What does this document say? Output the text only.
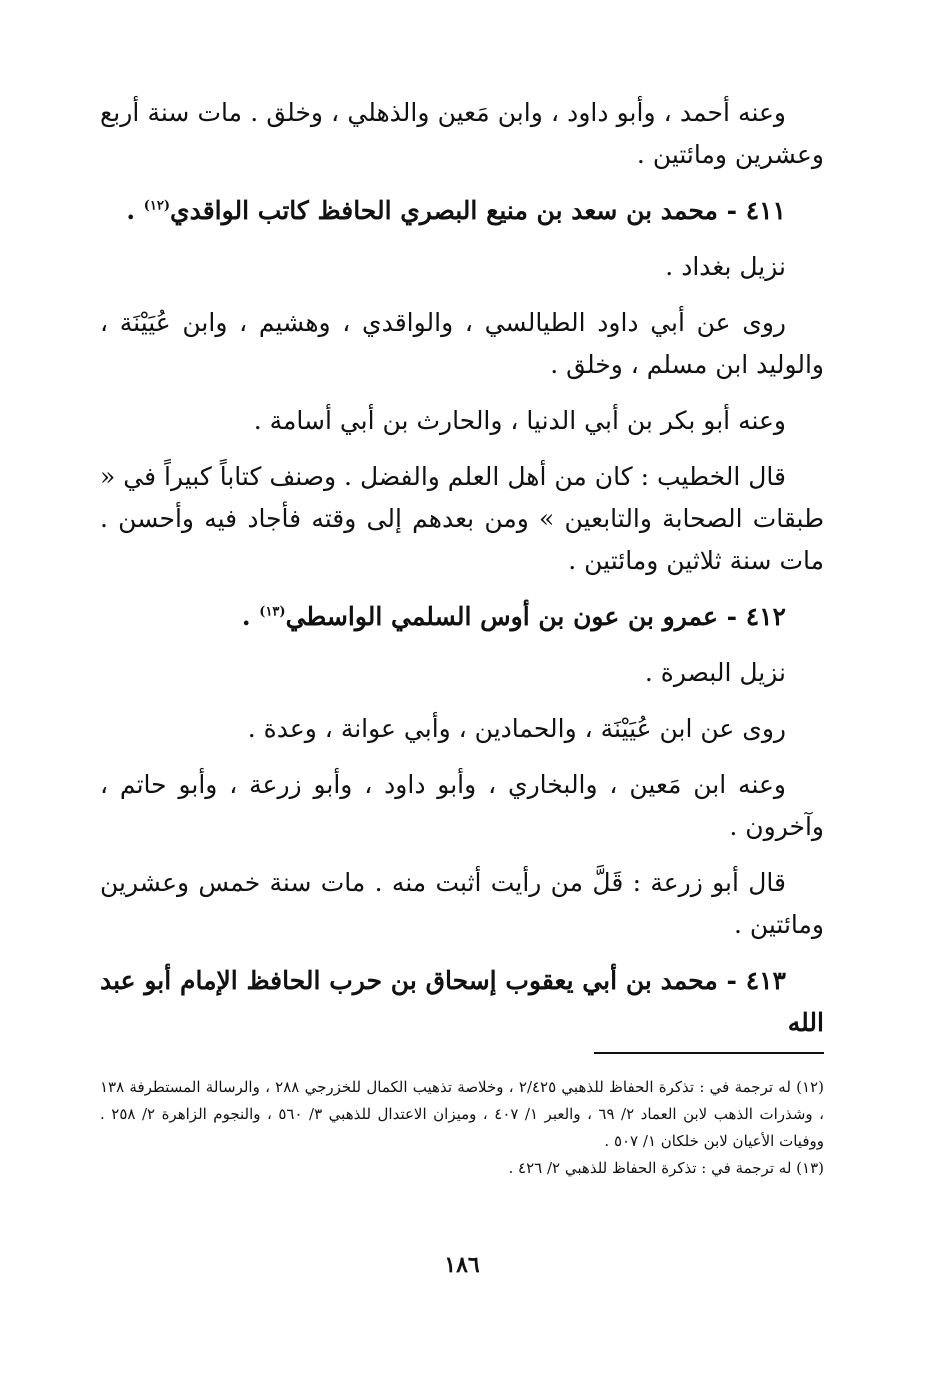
وعنه أحمد ، وأبو داود ، وابن مَعين والذهلي ، وخلق . مات سنة أربع وعشرين ومائتين .

٤١١ - محمد بن سعد بن منيع البصري الحافظ كاتب الواقدي$^{(١٢)}$ .

نزيل بغداد .

روى عن أبي داود الطيالسي ، والواقدي ، وهشيم ، وابن عُيَيْنَة ، والوليد ابن مسلم ، وخلق .

وعنه أبو بكر بن أبي الدنيا ، والحارث بن أبي أسامة .

قال الخطيب : كان من أهل العلم والفضل . وصنف كتاباً كبيراً في « طبقات الصحابة والتابعين » ومن بعدهم إلى وقته فأجاد فيه وأحسن . مات سنة ثلاثين ومائتين .

٤١٢ - عمرو بن عون بن أوس السلمي الواسطي$^{(١٣)}$ .

نزيل البصرة .

روى عن ابن عُيَيْنَة ، والحمادين ، وأبي عوانة ، وعدة .

وعنه ابن مَعين ، والبخاري ، وأبو داود ، وأبو زرعة ، وأبو حاتم ، وآخرون .

قال أبو زرعة : قَلَّ من رأيت أثبت منه . مات سنة خمس وعشرين ومائتين .

٤١٣ - محمد بن أبي يعقوب إسحاق بن حرب الحافظ الإمام أبو عبد الله

(١٢) له ترجمة في : تذكرة الحفاظ للذهبي ٢/٤٢٥ ، وخلاصة تذهيب الكمال للخزرجي ٢٨٨ ، والرسالة المستطرفة ١٣٨ ، وشذرات الذهب لابن العماد ٢/ ٦٩ ، والعبر ١/ ٤٠٧ ، وميزان الاعتدال للذهبي ٣/ ٥٦٠ ، والنجوم الزاهرة ٢/ ٢٥٨ . ووفيات الأعيان لابن خلكان ١/ ٥٠٧ .

(١٣) له ترجمة في : تذكرة الحفاظ للذهبي ٢/ ٤٢٦ .

١٨٦
